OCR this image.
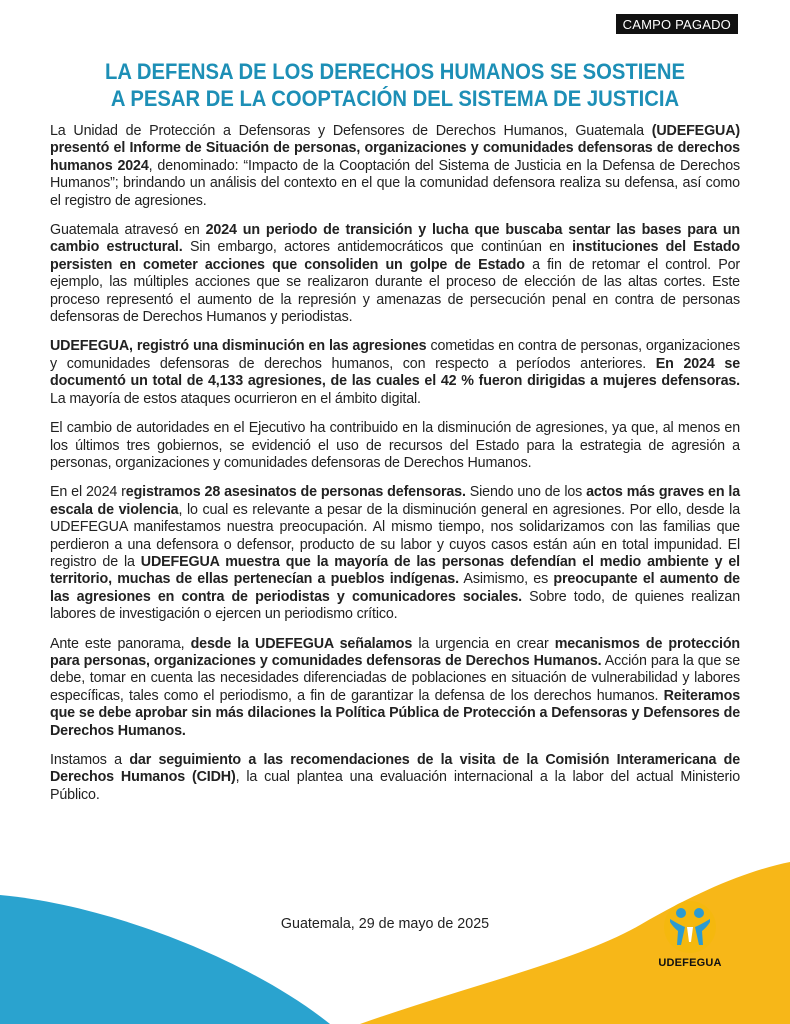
CAMPO PAGADO
LA DEFENSA DE LOS DERECHOS HUMANOS SE SOSTIENE
A PESAR DE LA COOPTACIÓN DEL SISTEMA DE JUSTICIA

La Unidad de Protección a Defensoras y Defensores de Derechos Humanos, Guatemala (UDEFEGUA) presentó el Informe de Situación de personas, organizaciones y comunidades defensoras de derechos humanos 2024, denominado: “Impacto de la Cooptación del Sistema de Justicia en la Defensa de Derechos Humanos”; brindando un análisis del contexto en el que la comunidad defensora realiza su defensa, así como el registro de agresiones.

Guatemala atravesó en 2024 un periodo de transición y lucha que buscaba sentar las bases para un cambio estructural. Sin embargo, actores antidemocráticos que continúan en instituciones del Estado persisten en cometer acciones que consoliden un golpe de Estado a fin de retomar el control. Por ejemplo, las múltiples acciones que se realizaron durante el proceso de elección de las altas cortes. Este proceso representó el aumento de la represión y amenazas de persecución penal en contra de personas defensoras de Derechos Humanos y periodistas.

UDEFEGUA, registró una disminución en las agresiones cometidas en contra de personas, organizaciones y comunidades defensoras de derechos humanos, con respecto a períodos anteriores. En 2024 se documentó un total de 4,133 agresiones, de las cuales el 42 % fueron dirigidas a mujeres defensoras. La mayoría de estos ataques ocurrieron en el ámbito digital.

El cambio de autoridades en el Ejecutivo ha contribuido en la disminución de agresiones, ya que, al menos en los últimos tres gobiernos, se evidenció el uso de recursos del Estado para la estrategia de agresión a personas, organizaciones y comunidades defensoras de Derechos Humanos.

En el 2024 registramos 28 asesinatos de personas defensoras. Siendo uno de los actos más graves en la escala de violencia, lo cual es relevante a pesar de la disminución general en agresiones. Por ello, desde la UDEFEGUA manifestamos nuestra preocupación. Al mismo tiempo, nos solidarizamos con las familias que perdieron a una defensora o defensor, producto de su labor y cuyos casos están aún en total impunidad. El registro de la UDEFEGUA muestra que la mayoría de las personas defendían el medio ambiente y el territorio, muchas de ellas pertenecían a pueblos indígenas. Asimismo, es preocupante el aumento de las agresiones en contra de periodistas y comunicadores sociales. Sobre todo, de quienes realizan labores de investigación o ejercen un periodismo crítico.

Ante este panorama, desde la UDEFEGUA señalamos la urgencia en crear mecanismos de protección para personas, organizaciones y comunidades defensoras de Derechos Humanos. Acción para la que se debe, tomar en cuenta las necesidades diferenciadas de poblaciones en situación de vulnerabilidad y labores específicas, tales como el periodismo, a fin de garantizar la defensa de los derechos humanos. Reiteramos que se debe aprobar sin más dilaciones la Política Pública de Protección a Defensoras y Defensores de Derechos Humanos.

Instamos a dar seguimiento a las recomendaciones de la visita de la Comisión Interamericana de Derechos Humanos (CIDH), la cual plantea una evaluación internacional a la labor del actual Ministerio Público.

Guatemala, 29 de mayo de 2025
UDEFEGUA
